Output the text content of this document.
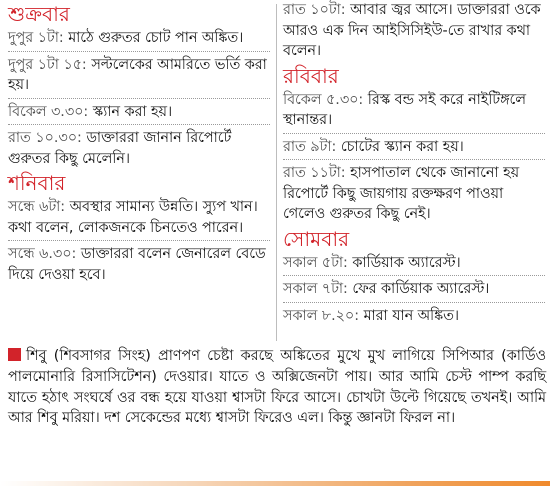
শুক্রবার
দুপুর ১টা: মাঠে গুরুতর চোট পান অঙ্কিত।
দুপুর ১টা ১৫: সল্টলেকের আমরিতে ভর্তি করা হয়।
বিকেল ৩.৩০: স্ক্যান করা হয়।
রাত ১০.৩০: ডাক্তাররা জানান রিপোর্টে গুরুতর কিছু মেলেনি।
শনিবার
সন্ধে ৬টা: অবস্থার সামান্য উন্নতি। স্যুপ খান। কথা বলেন, লোকজনকে চিনতেও পারেন।
সন্ধে ৬.৩০: ডাক্তাররা বলেন জেনারেল বেডে দিয়ে দেওয়া হবে।
রাত ১০টা: আবার জ্বর আসে। ডাক্তাররা ওকে আরও এক দিন আইসিসিইউ-তে রাখার কথা বলেন।
রবিবার
বিকেল ৫.৩০: রিস্ক বন্ড সই করে নাইটিঙ্গলে স্থানান্তর।
রাত ৯টা: চোটের স্ক্যান করা হয়।
রাত ১১টা: হাসপাতাল থেকে জানানো হয় রিপোর্টে কিছু জায়গায় রক্তক্ষরণ পাওয়া গেলেও গুরুতর কিছু নেই।
সোমবার
সকাল ৫টা: কার্ডিয়াক অ্যারেস্ট।
সকাল ৭টা: ফের কার্ডিয়াক অ্যারেস্ট।
সকাল ৮.২০: মারা যান অঙ্কিত।
শিবু (শিবসাগর সিংহ) প্রাণপণ চেষ্টা করছে অঙ্কিতের মুখে মুখ লাগিয়ে সিপিআর (কার্ডিও পালমোনারি রিসাসিটেশন) দেওয়ার। যাতে ও অক্সিজেনটা পায়। আর আমি চেস্ট পাম্প করছি যাতে হঠাৎ সংঘর্ষে ওর বন্ধ হয়ে যাওয়া শ্বাসটা ফিরে আসে। চোখটা উল্টে গিয়েছে তখনই। আমি আর শিবু মরিয়া। দশ সেকেন্ডের মধ্যে শ্বাসটা ফিরেও এল। কিন্তু জ্ঞানটা ফিরল না।
